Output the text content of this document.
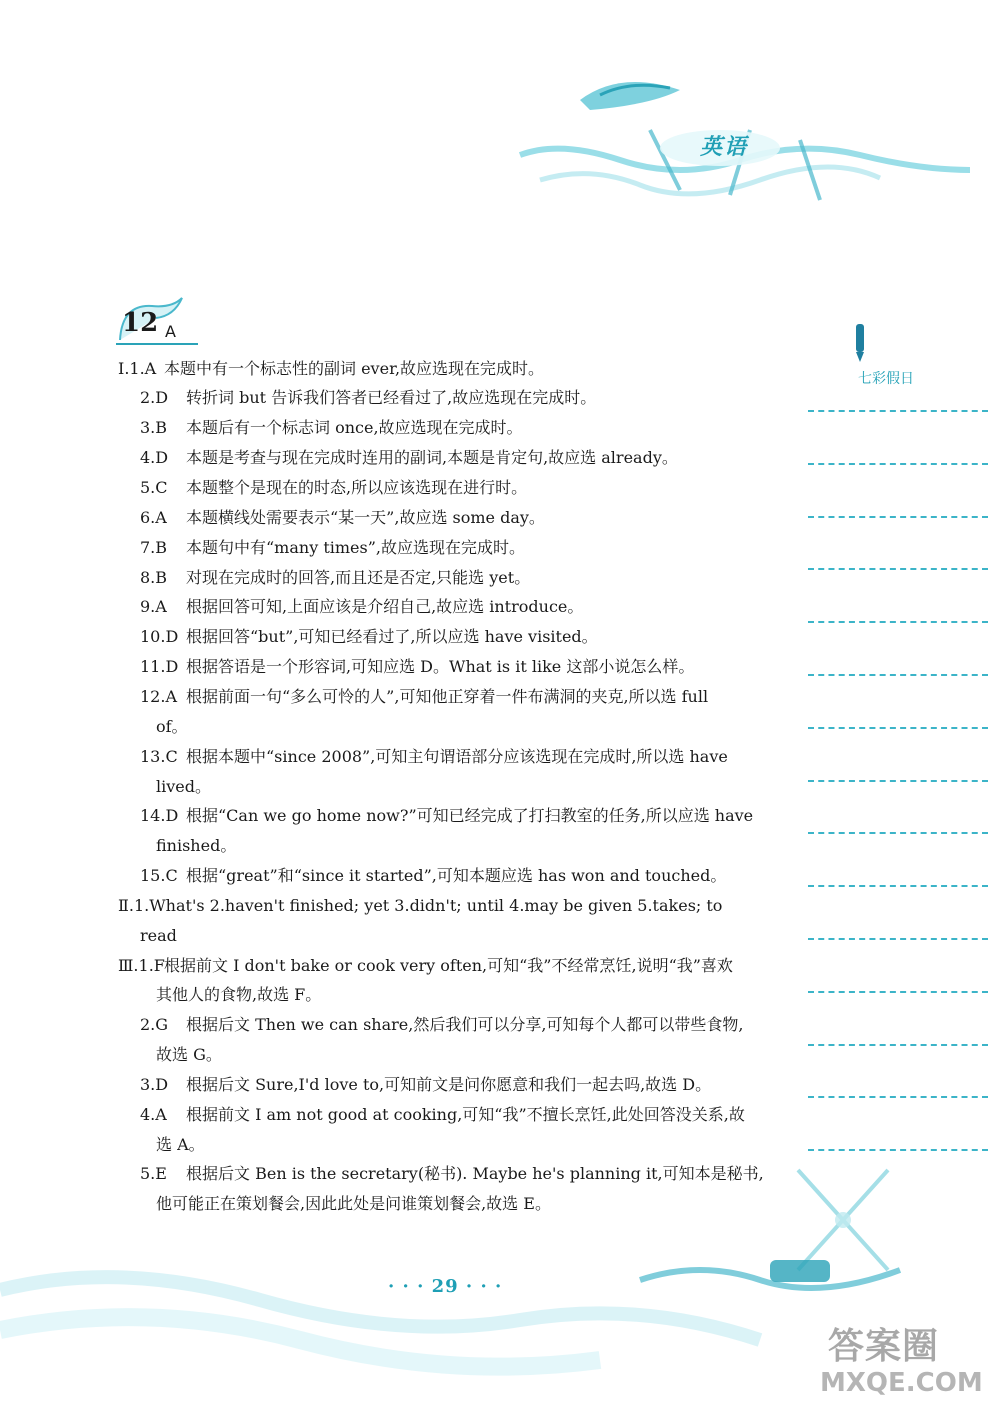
英语
12 A
七彩假日
Ⅰ.1.A 本题中有一个标志性的副词 ever,故应选现在完成时。
2.D 转折词 but 告诉我们答者已经看过了,故应选现在完成时。
3.B 本题后有一个标志词 once,故应选现在完成时。
4.D 本题是考查与现在完成时连用的副词,本题是肯定句,故应选 already。
5.C 本题整个是现在的时态,所以应该选现在进行时。
6.A 本题横线处需要表示“某一天”,故应选 some day。
7.B 本题句中有“many times”,故应选现在完成时。
8.B 对现在完成时的回答,而且还是否定,只能选 yet。
9.A 根据回答可知,上面应该是介绍自己,故应选 introduce。
10.D 根据回答“but”,可知已经看过了,所以应选 have visited。
11.D 根据答语是一个形容词,可知应选 D。What is it like 这部小说怎么样。
12.A 根据前面一句“多么可怜的人”,可知他正穿着一件布满洞的夹克,所以选 full
of。
13.C 根据本题中“since 2008”,可知主句谓语部分应该选现在完成时,所以选 have
lived。
14.D 根据“Can we go home now?”可知已经完成了打扫教室的任务,所以应选 have
finished。
15.C 根据“great”和“since it started”,可知本题应选 has won and touched。
Ⅱ.1.What's 2.haven't finished; yet 3.didn't; until 4.may be given 5.takes; to
read
Ⅲ.1.F根据前文 I don't bake or cook very often,可知“我”不经常烹饪,说明“我”喜欢
其他人的食物,故选 F。
2.G 根据后文 Then we can share,然后我们可以分享,可知每个人都可以带些食物,
故选 G。
3.D 根据后文 Sure,I'd love to,可知前文是问你愿意和我们一起去吗,故选 D。
4.A 根据前文 I am not good at cooking,可知“我”不擅长烹饪,此处回答没关系,故
选 A。
5.E 根据后文 Ben is the secretary(秘书). Maybe he's planning it,可知本是秘书,
他可能正在策划餐会,因此此处是问谁策划餐会,故选 E。
· · · 29 · · ·
答案圈
MXQE.COM
